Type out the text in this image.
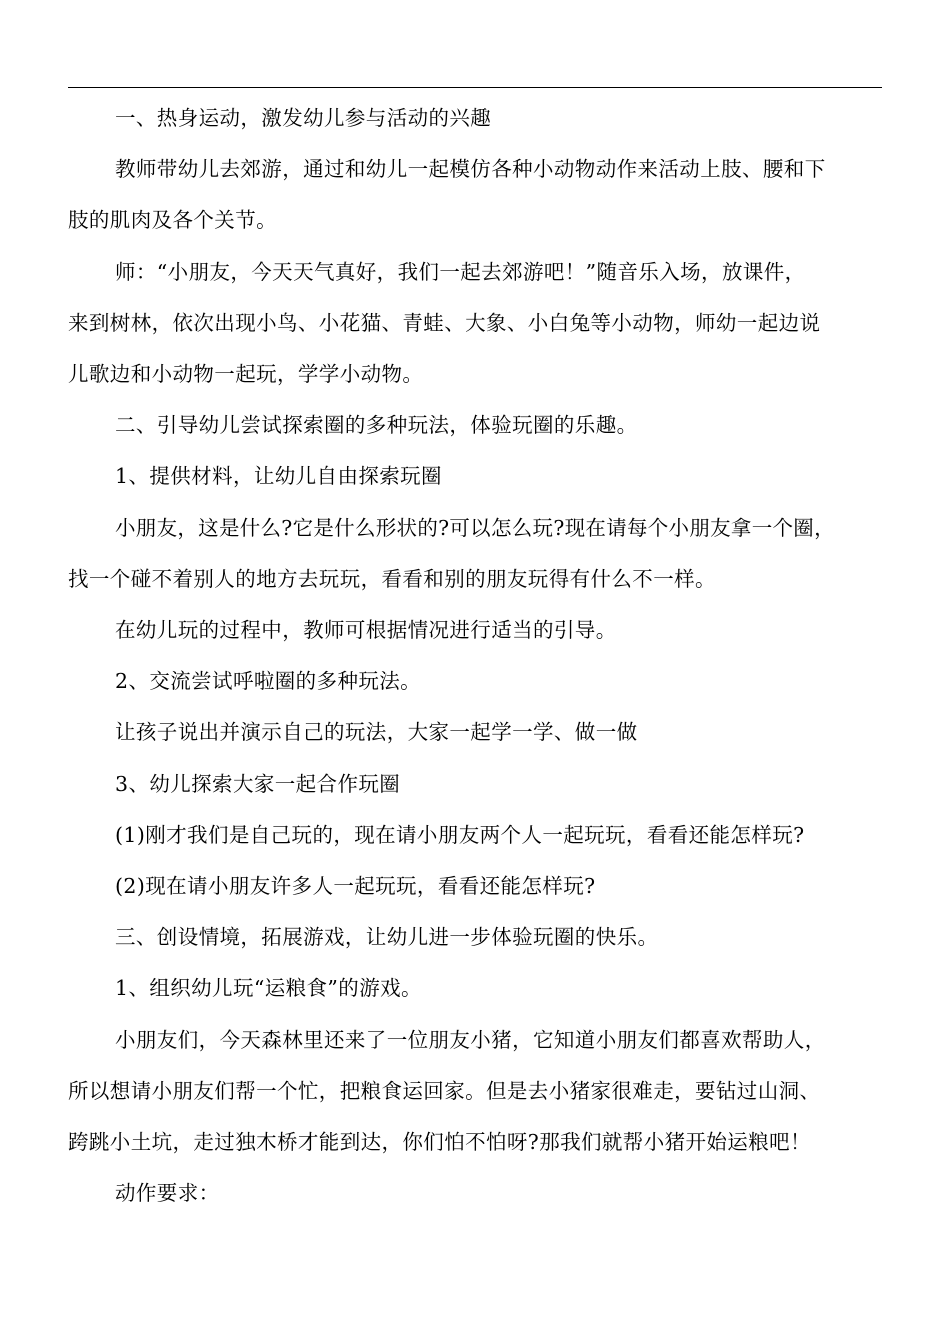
一、热身运动，激发幼儿参与活动的兴趣
教师带幼儿去郊游，通过和幼儿一起模仿各种小动物动作来活动上肢、腰和下
肢的肌肉及各个关节。
师：“小朋友，今天天气真好，我们一起去郊游吧！”随音乐入场，放课件，
来到树林，依次出现小鸟、小花猫、青蛙、大象、小白兔等小动物，师幼一起边说
儿歌边和小动物一起玩，学学小动物。
二、引导幼儿尝试探索圈的多种玩法，体验玩圈的乐趣。
1、提供材料，让幼儿自由探索玩圈
小朋友，这是什么?它是什么形状的?可以怎么玩?现在请每个小朋友拿一个圈，
找一个碰不着别人的地方去玩玩，看看和别的朋友玩得有什么不一样。
在幼儿玩的过程中，教师可根据情况进行适当的引导。
2、交流尝试呼啦圈的多种玩法。
让孩子说出并演示自己的玩法，大家一起学一学、做一做
3、幼儿探索大家一起合作玩圈
(1)刚才我们是自己玩的，现在请小朋友两个人一起玩玩，看看还能怎样玩?
(2)现在请小朋友许多人一起玩玩，看看还能怎样玩?
三、创设情境，拓展游戏，让幼儿进一步体验玩圈的快乐。
1、组织幼儿玩“运粮食”的游戏。
小朋友们，今天森林里还来了一位朋友小猪，它知道小朋友们都喜欢帮助人，
所以想请小朋友们帮一个忙，把粮食运回家。但是去小猪家很难走，要钻过山洞、
跨跳小土坑，走过独木桥才能到达，你们怕不怕呀?那我们就帮小猪开始运粮吧！
动作要求：
